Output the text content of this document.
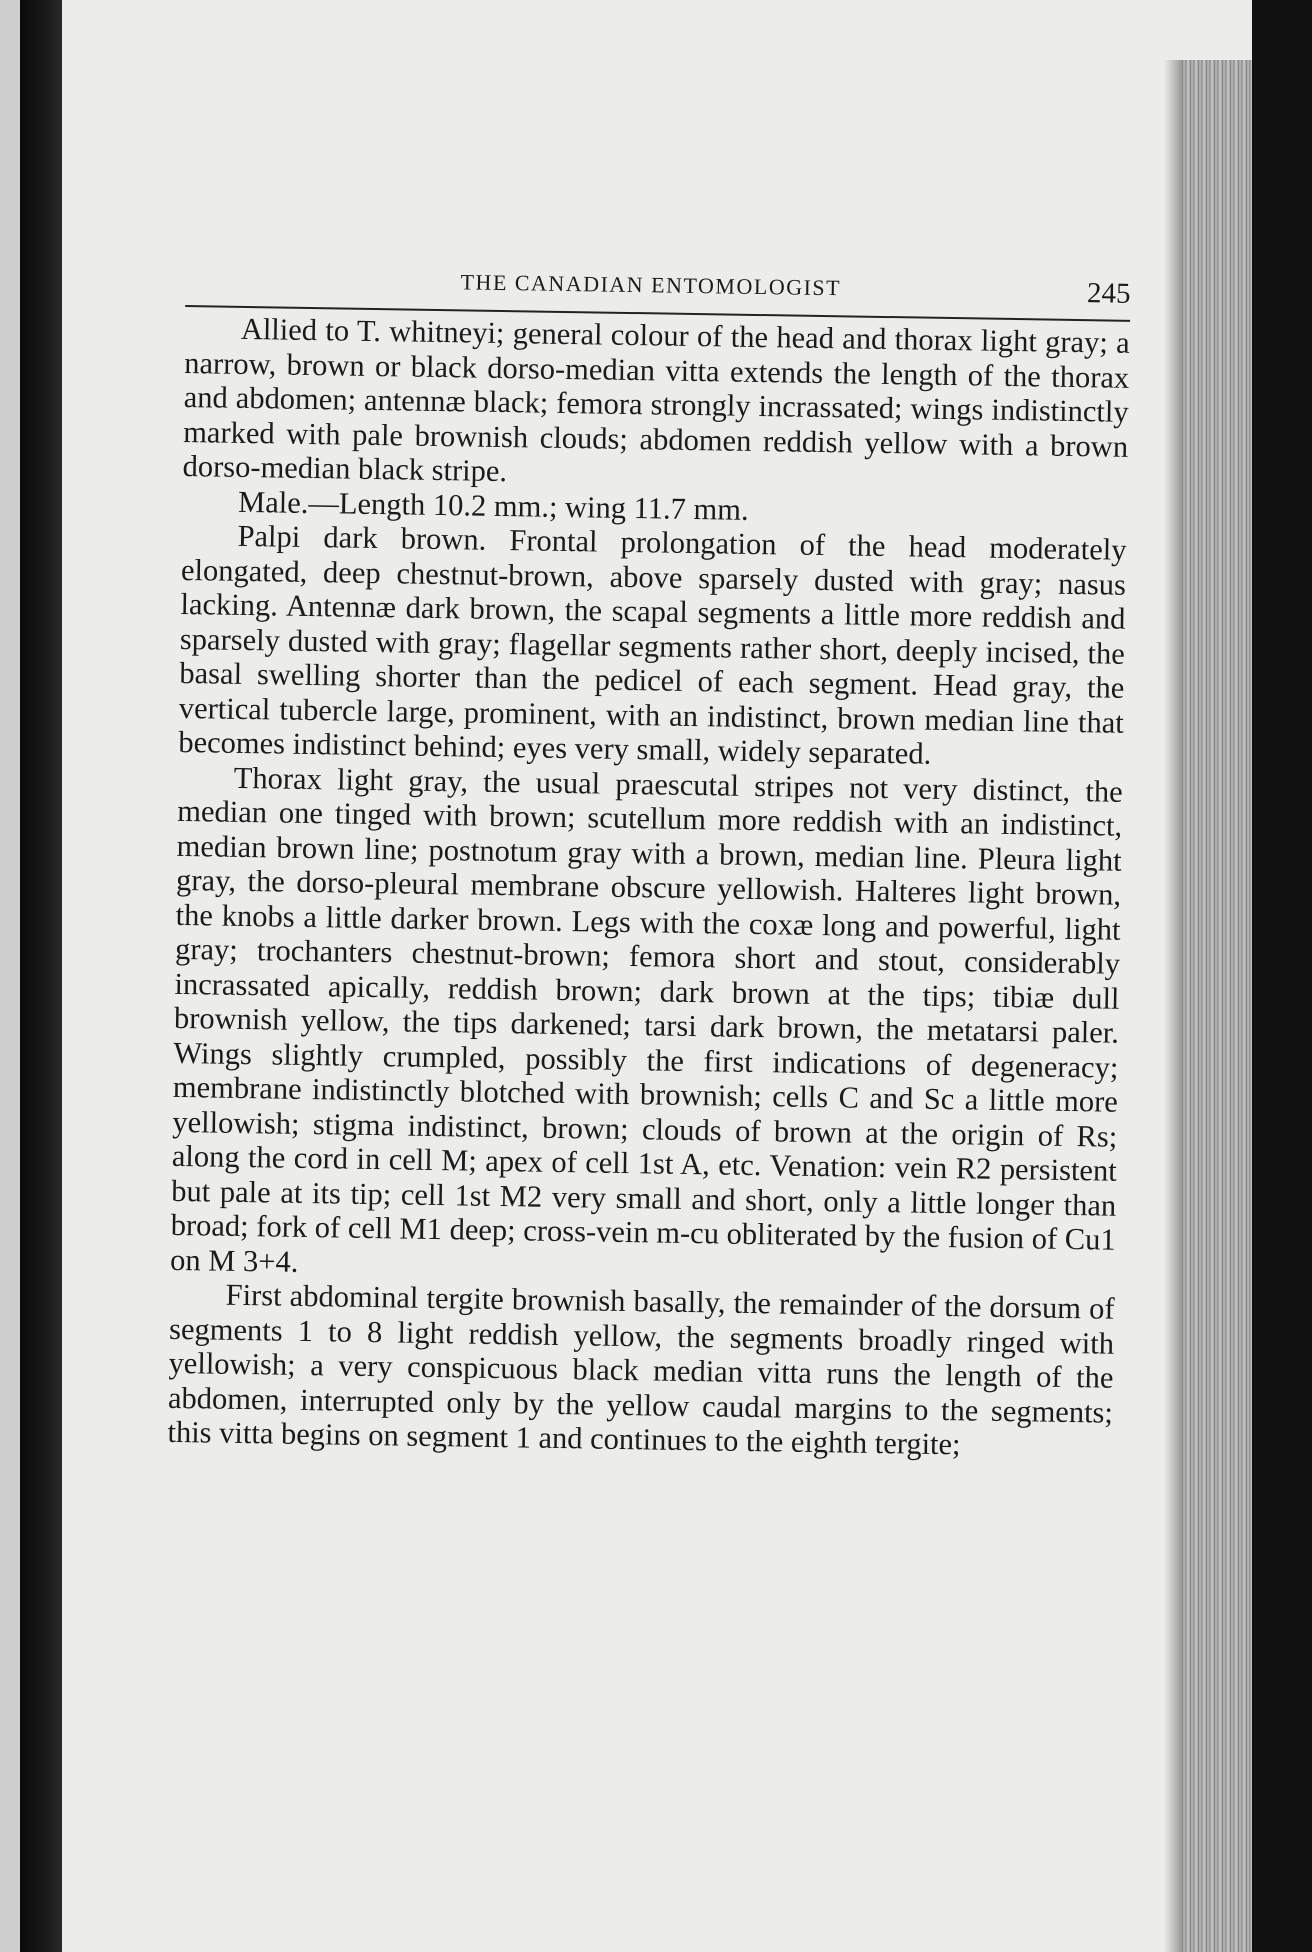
THE CANADIAN ENTOMOLOGIST	245

Allied to T. whitneyi; general colour of the head and thorax light gray; a narrow, brown or black dorso-median vitta extends the length of the thorax and abdomen; antennæ black; femora strongly incrassated; wings indistinctly marked with pale brownish clouds; abdomen reddish yellow with a brown dorso-median black stripe.

Male.—Length 10.2 mm.; wing 11.7 mm.

Palpi dark brown. Frontal prolongation of the head moderately elongated, deep chestnut-brown, above sparsely dusted with gray; nasus lacking. Antennæ dark brown, the scapal segments a little more reddish and sparsely dusted with gray; flagellar segments rather short, deeply incised, the basal swelling shorter than the pedicel of each segment. Head gray, the vertical tubercle large, prominent, with an indistinct, brown median line that becomes indistinct behind; eyes very small, widely separated.

Thorax light gray, the usual praescutal stripes not very distinct, the median one tinged with brown; scutellum more reddish with an indistinct, median brown line; postnotum gray with a brown, median line. Pleura light gray, the dorso-pleural membrane obscure yellowish. Halteres light brown, the knobs a little darker brown. Legs with the coxæ long and powerful, light gray; trochanters chestnut-brown; femora short and stout, considerably incrassated apically, reddish brown; dark brown at the tips; tibiæ dull brownish yellow, the tips darkened; tarsi dark brown, the metatarsi paler. Wings slightly crumpled, possibly the first indications of degeneracy; membrane indistinctly blotched with brownish; cells C and Sc a little more yellowish; stigma indistinct, brown; clouds of brown at the origin of Rs; along the cord in cell M; apex of cell 1st A, etc. Venation: vein R2 persistent but pale at its tip; cell 1st M2 very small and short, only a little longer than broad; fork of cell M1 deep; cross-vein m-cu obliterated by the fusion of Cu1 on M 3+4.

First abdominal tergite brownish basally, the remainder of the dorsum of segments 1 to 8 light reddish yellow, the segments broadly ringed with yellowish; a very conspicuous black median vitta runs the length of the abdomen, interrupted only by the yellow caudal margins to the segments; this vitta begins on segment 1 and continues to the eighth tergite;
